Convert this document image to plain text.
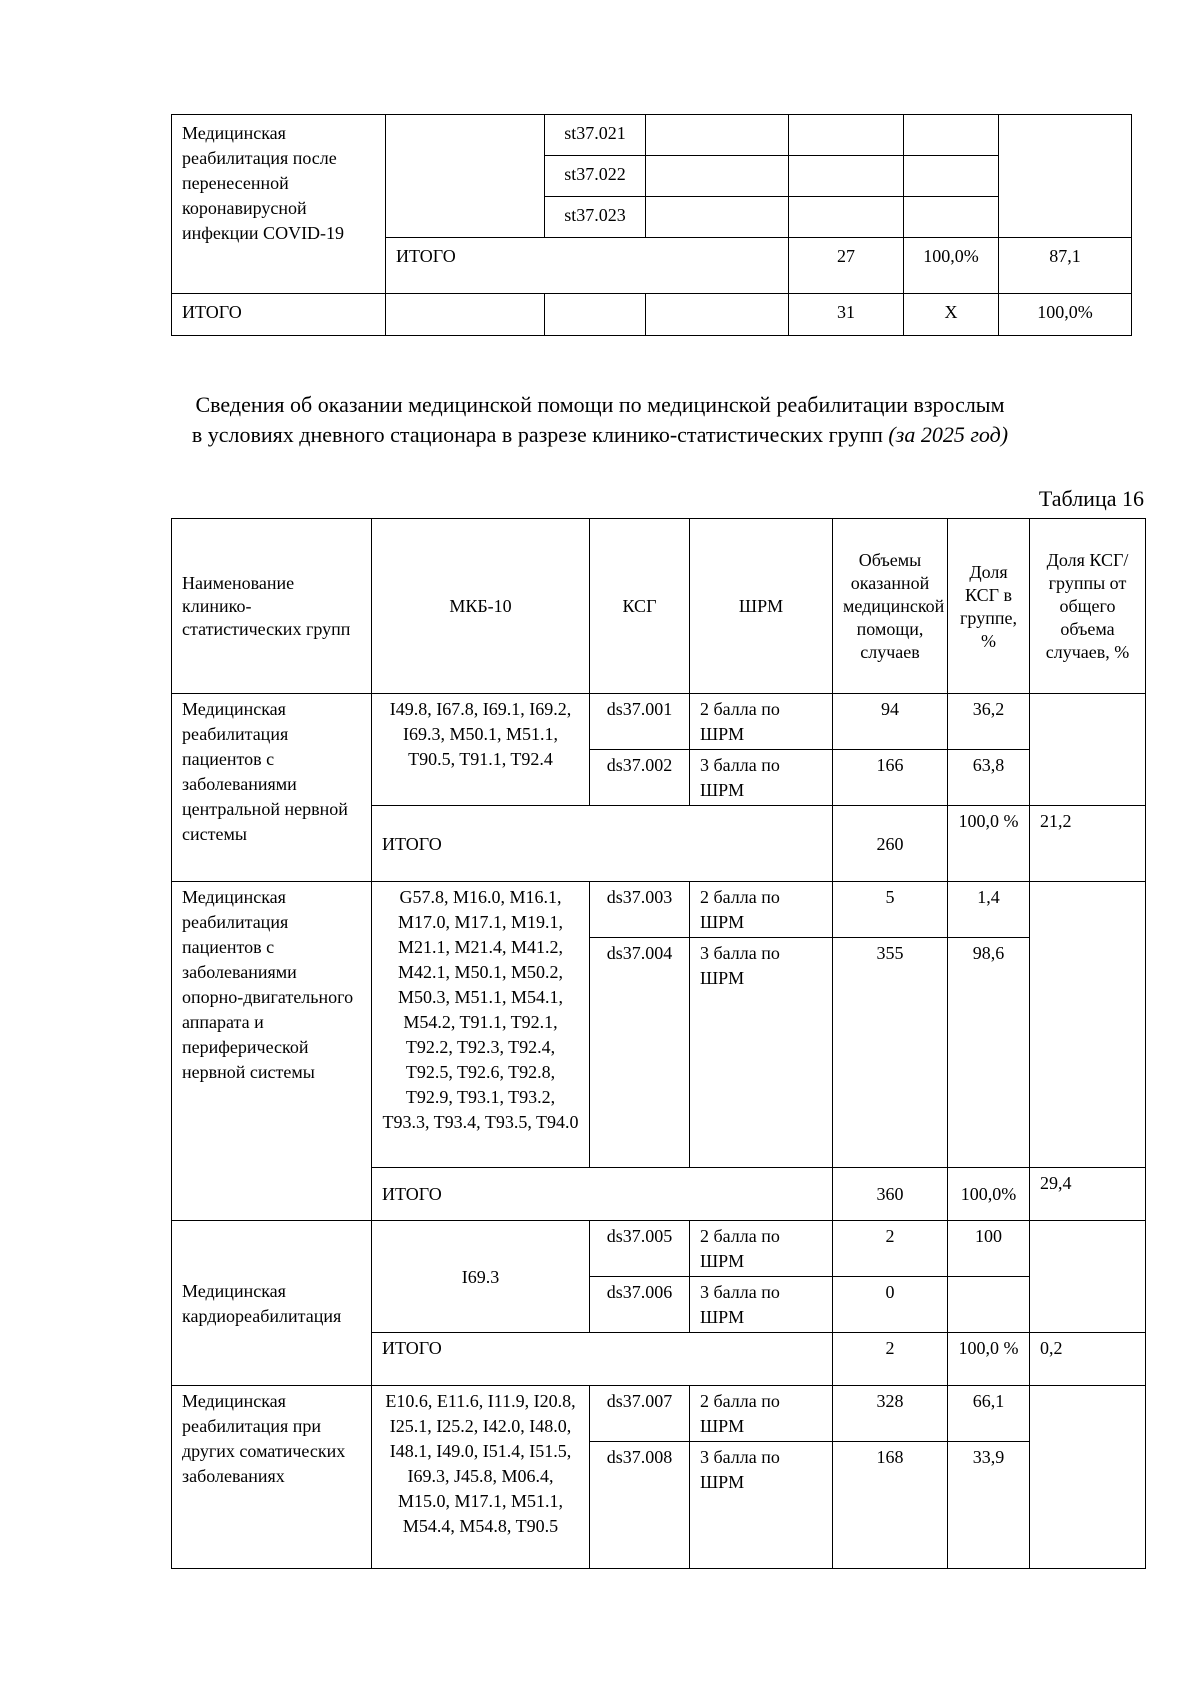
Медицинская реабилитация после перенесенной коронавирусной инфекции COVID-19		st37.021				
		st37.022				
		st37.023				
	ИТОГО			27	100,0%	87,1
ИТОГО				31	Х	100,0%
Сведения об оказании медицинской помощи по медицинской реабилитации взрослым
в условиях дневного стационара в разрезе клинико-статистических групп (за 2025 год)
Таблица 16
Наименование клинико-статистических групп	МКБ-10	КСГ	ШРМ	Объемы оказанной медицинской помощи, случаев	Доля КСГ в группе, %	Доля КСГ/ группы от общего объема случаев, %
Медицинская реабилитация пациентов с заболеваниями центральной нервной системы	I49.8, I67.8, I69.1, I69.2, I69.3, M50.1, M51.1, T90.5, T91.1, T92.4	ds37.001	2 балла по ШРМ	94	36,2	
		ds37.002	3 балла по ШРМ	166	63,8	
	ИТОГО			260	100,0 %	21,2
Медицинская реабилитация пациентов с заболеваниями опорно-двигательного аппарата и периферической нервной системы	G57.8, M16.0, M16.1, M17.0, M17.1, M19.1, M21.1, M21.4, M41.2, M42.1, M50.1, M50.2, M50.3, M51.1, M54.1, M54.2, T91.1, T92.1, T92.2, T92.3, T92.4, T92.5, T92.6, T92.8, T92.9, T93.1, T93.2, T93.3, T93.4, T93.5, T94.0	ds37.003	2 балла по ШРМ	5	1,4	
		ds37.004	3 балла по ШРМ	355	98,6	
	ИТОГО			360	100,0%	29,4
Медицинская кардиореабилитация	I69.3	ds37.005	2 балла по ШРМ	2	100	
		ds37.006	3 балла по ШРМ	0		
	ИТОГО			2	100,0 %	0,2
Медицинская реабилитация при других соматических заболеваниях	E10.6, E11.6, I11.9, I20.8, I25.1, I25.2, I42.0, I48.0, I48.1, I49.0, I51.4, I51.5, I69.3, J45.8, M06.4, M15.0, M17.1, M51.1, M54.4, M54.8, T90.5	ds37.007	2 балла по ШРМ	328	66,1	
		ds37.008	3 балла по ШРМ	168	33,9	
